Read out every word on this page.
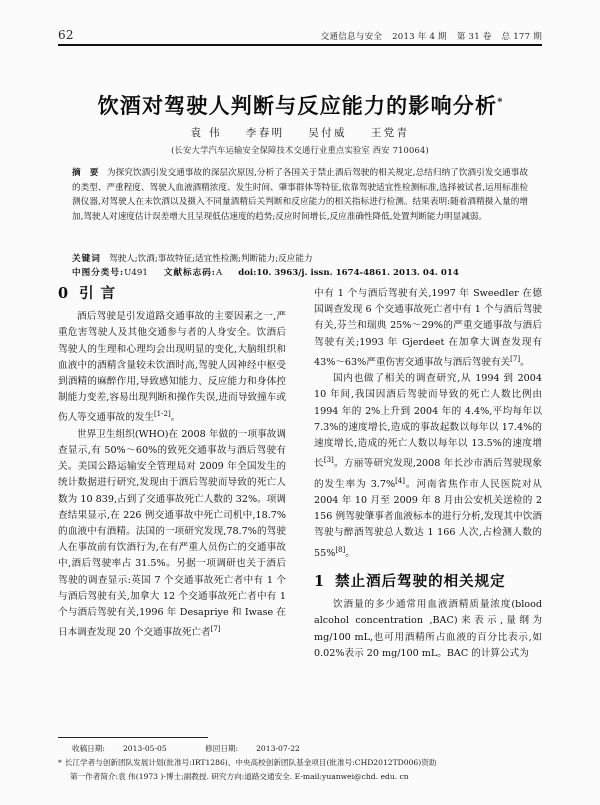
62	交通信息与安全 2013 年 4 期 第 31 卷 总 177 期
饮酒对驾驶人判断与反应能力的影响分析*
袁 伟 李春明 吴付威 王党青
(长安大学汽车运输安全保障技术交通行业重点实验室 西安 710064)

摘 要 为探究饮酒引发交通事故的深层次原因,分析了各国关于禁止酒后驾驶的相关规定,总结归纳了饮酒引发交通事故的类型、严重程度、驾驶人血液酒精浓度、发生时间、肇事群体等特征,依靠驾驶适宜性检测标准,选择被试者,运用标准检测仪器,对驾驶人在未饮酒以及摄入不同量酒精后关判断和反应能力的相关指标进行检测。结果表明:随着酒精摄入量的增加,驾驶人对速度估计误差增大且呈现低估速度的趋势;反应时间增长,反应准确性降低,处置判断能力明显减弱。

关键词 驾驶人;饮酒;事故特征;适宜性检测;判断能力;反应能力
中图分类号:U491 文献标志码:A doi:10. 3963/j. issn. 1674-4861. 2013. 04. 014
0 引 言

酒后驾驶是引发道路交通事故的主要因素之一,严重危害驾驶人及其他交通参与者的人身安全。饮酒后驾驶人的生理和心理均会出现明显的变化,大脑组织和血液中的酒精含量较未饮酒时高,驾驶人因神经中枢受到酒精的麻醉作用,导致感知能力、反应能力和身体控制能力变差,容易出现判断和操作失误,进而导致撞车或伤人等交通事故的发生[1-2]。

世界卫生组织(WHO)在 2008 年做的一项事故调查显示,有 50%～60%的致死交通事故与酒后驾驶有关。美国公路运输安全管理局对 2009 年全国发生的统计数据进行研究,发现由于酒后驾驶而导致的死亡人数为 10 839,占到了交通事故死亡人数的 32%。项调查结果显示,在 226 例交通事故中死亡司机中,18.7%的血液中有酒精。法国的一项研究发现,78.7%的驾驶人在事故前有饮酒行为,在有严重人员伤亡的交通事故中,酒后驾驶率占 31.5%。另据一项调研也关于酒后驾驶的调查显示:英国 7 个交通事故死亡者中有 1 个与酒后驾驶有关,加拿大 12 个交通事故死亡者中有 1 个与酒后驾驶有关,1996 年 Desapriye 和 Iwase 在日本调查发现 20 个交通事故死亡者[7]

中有 1 个与酒后驾驶有关,1997 年 Sweedler 在德国调查发现 6 个交通事故死亡者中有 1 个与酒后驾驶有关,芬兰和瑞典 25%～29%的严重交通事故与酒后驾驶有关;1993 年 Gjerdeet 在加拿大调查发现有 43%～63%严重伤害交通事故与酒后驾驶有关[7]。

国内也做了相关的调查研究,从 1994 到 2004 10 年间,我国因酒后驾驶而导致的死亡人数比例由 1994 年的 2%上升到 2004 年的 4.4%,平均每年以 7.3%的速度增长,造成的事故起数以每年以 17.4%的速度增长,造成的死亡人数以每年以 13.5%的速度增长[3]。方丽等研究发现,2008 年长沙市酒后驾驶现象的发生率为 3.7%[4]。河南省焦作市人民医院对从 2004 年 10 月至 2009 年 8 月由公安机关送检的 2 156 例驾驶肇事者血液标本的进行分析,发现其中饮酒驾驶与醉酒驾驶总人数达 1 166 人次,占检测人数的 55%[8]。

1 禁止酒后驾驶的相关规定

饮酒量的多少通常用血液酒精质量浓度(blood alcohol concentration ,BAC)来表示,量纲为 mg/100 mL,也可用酒精所占血液的百分比表示,如 0.02%表示 20 mg/100 mL。BAC 的计算公式为

收稿日期: 2013-05-05	修回日期: 2013-07-22
* 长江学者与创新团队发展计划(批准号:IRT1286)、中央高校创新团队基金项目(批准号:CHD2012TD006)资助
第一作者简介:袁 伟(1973 )-博士;副教授. 研究方向:道路交通安全. E-mail:yuanwei@chd. edu. cn
